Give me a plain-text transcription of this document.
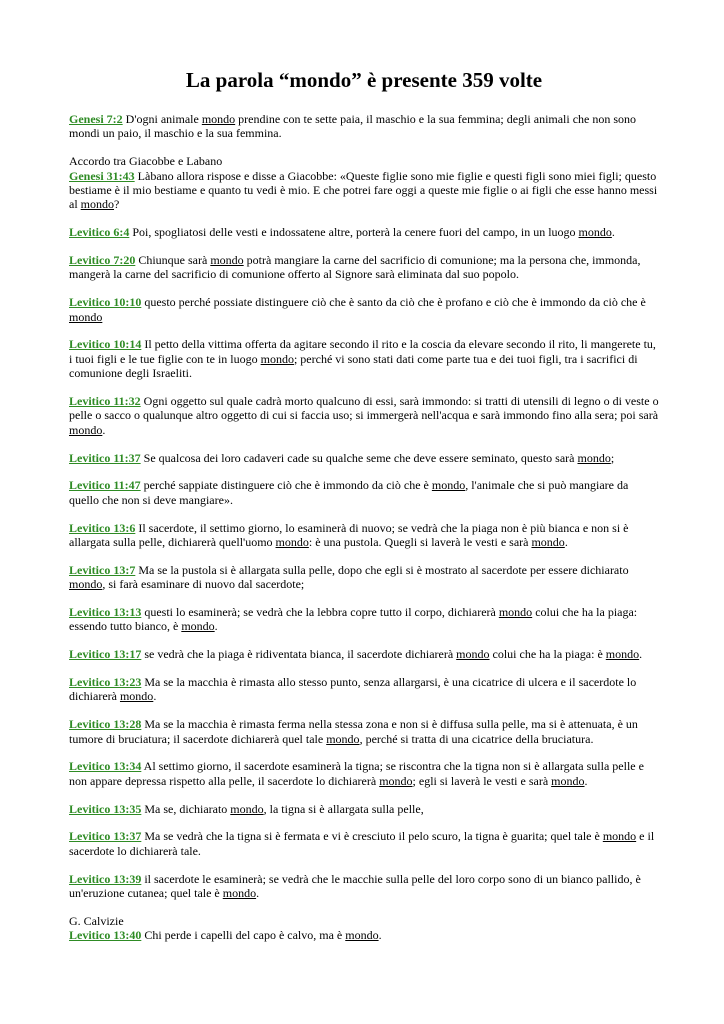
La parola “mondo” è presente 359 volte
Genesi 7:2 D'ogni animale mondo prendine con te sette paia, il maschio e la sua femmina; degli animali che non sono mondi un paio, il maschio e la sua femmina.
Accordo tra Giacobbe e Labano
Genesi 31:43 Làbano allora rispose e disse a Giacobbe: «Queste figlie sono mie figlie e questi figli sono miei figli; questo bestiame è il mio bestiame e quanto tu vedi è mio. E che potrei fare oggi a queste mie figlie o ai figli che esse hanno messi al mondo?
Levitico 6:4 Poi, spogliatosi delle vesti e indossatene altre, porterà la cenere fuori del campo, in un luogo mondo.
Levitico 7:20 Chiunque sarà mondo potrà mangiare la carne del sacrificio di comunione; ma la persona che, immonda, mangerà la carne del sacrificio di comunione offerto al Signore sarà eliminata dal suo popolo.
Levitico 10:10 questo perché possiate distinguere ciò che è santo da ciò che è profano e ciò che è immondo da ciò che è mondo
Levitico 10:14 Il petto della vittima offerta da agitare secondo il rito e la coscia da elevare secondo il rito, li mangerete tu, i tuoi figli e le tue figlie con te in luogo mondo; perché vi sono stati dati come parte tua e dei tuoi figli, tra i sacrifici di comunione degli Israeliti.
Levitico 11:32 Ogni oggetto sul quale cadrà morto qualcuno di essi, sarà immondo: si tratti di utensili di legno o di veste o pelle o sacco o qualunque altro oggetto di cui si faccia uso; si immergerà nell'acqua e sarà immondo fino alla sera; poi sarà mondo.
Levitico 11:37 Se qualcosa dei loro cadaveri cade su qualche seme che deve essere seminato, questo sarà mondo;
Levitico 11:47 perché sappiate distinguere ciò che è immondo da ciò che è mondo, l'animale che si può mangiare da quello che non si deve mangiare».
Levitico 13:6 Il sacerdote, il settimo giorno, lo esaminerà di nuovo; se vedrà che la piaga non è più bianca e non si è allargata sulla pelle, dichiarerà quell'uomo mondo: è una pustola. Quegli si laverà le vesti e sarà mondo.
Levitico 13:7 Ma se la pustola si è allargata sulla pelle, dopo che egli si è mostrato al sacerdote per essere dichiarato mondo, si farà esaminare di nuovo dal sacerdote;
Levitico 13:13 questi lo esaminerà; se vedrà che la lebbra copre tutto il corpo, dichiarerà mondo colui che ha la piaga: essendo tutto bianco, è mondo.
Levitico 13:17 se vedrà che la piaga è ridiventata bianca, il sacerdote dichiarerà mondo colui che ha la piaga: è mondo.
Levitico 13:23 Ma se la macchia è rimasta allo stesso punto, senza allargarsi, è una cicatrice di ulcera e il sacerdote lo dichiarerà mondo.
Levitico 13:28 Ma se la macchia è rimasta ferma nella stessa zona e non si è diffusa sulla pelle, ma si è attenuata, è un tumore di bruciatura; il sacerdote dichiarerà quel tale mondo, perché si tratta di una cicatrice della bruciatura.
Levitico 13:34 Al settimo giorno, il sacerdote esaminerà la tigna; se riscontra che la tigna non si è allargata sulla pelle e non appare depressa rispetto alla pelle, il sacerdote lo dichiarerà mondo; egli si laverà le vesti e sarà mondo.
Levitico 13:35 Ma se, dichiarato mondo, la tigna si è allargata sulla pelle,
Levitico 13:37 Ma se vedrà che la tigna si è fermata e vi è cresciuto il pelo scuro, la tigna è guarita; quel tale è mondo e il sacerdote lo dichiarerà tale.
Levitico 13:39 il sacerdote le esaminerà; se vedrà che le macchie sulla pelle del loro corpo sono di un bianco pallido, è un'eruzione cutanea; quel tale è mondo.
G. Calvizie
Levitico 13:40 Chi perde i capelli del capo è calvo, ma è mondo.
